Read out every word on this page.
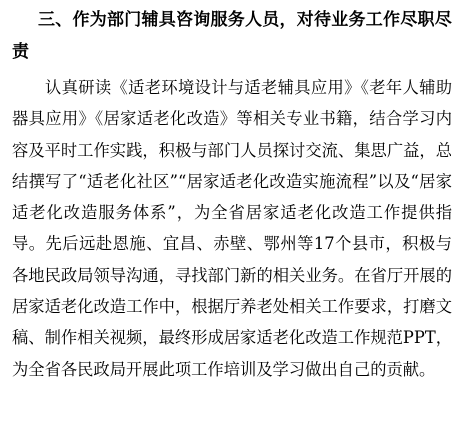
三、作为部门辅具咨询服务人员，对待业务工作尽职尽责

认真研读《适老环境设计与适老辅具应用》《老年人辅助器具应用》《居家适老化改造》等相关专业书籍，结合学习内容及平时工作实践，积极与部门人员探讨交流、集思广益，总结撰写了“适老化社区”“居家适老化改造实施流程”以及“居家适老化改造服务体系”，为全省居家适老化改造工作提供指导。先后远赴恩施、宜昌、赤壁、鄂州等17个县市，积极与各地民政局领导沟通，寻找部门新的相关业务。在省厅开展的居家适老化改造工作中，根据厅养老处相关工作要求，打磨文稿、制作相关视频，最终形成居家适老化改造工作规范PPT，为全省各民政局开展此项工作培训及学习做出自己的贡献。
